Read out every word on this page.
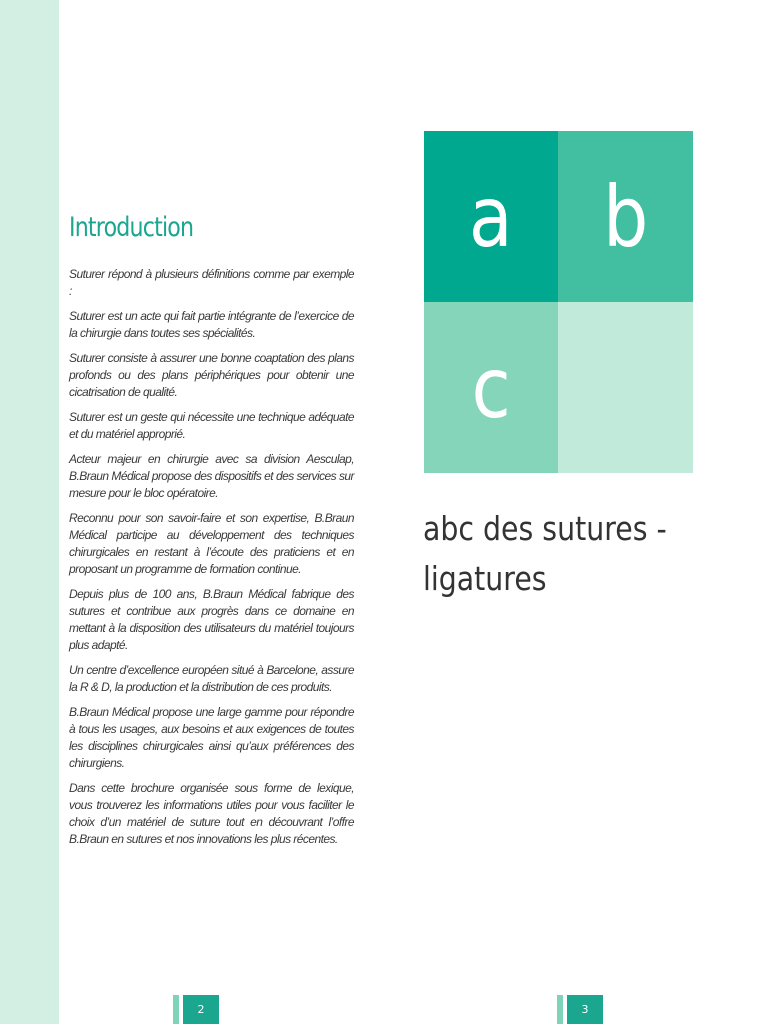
Introduction

Suturer répond à plusieurs définitions comme par exemple :

Suturer est un acte qui fait partie intégrante de l’exercice de la chirurgie dans toutes ses spécialités.

Suturer consiste à assurer une bonne coaptation des plans profonds ou des plans périphériques pour obtenir une cicatrisation de qualité.

Suturer est un geste qui nécessite une technique adéquate et du matériel approprié.

Acteur majeur en chirurgie avec sa division Aesculap, B.Braun Médical propose des dispositifs et des services sur mesure pour le bloc opératoire.

Reconnu pour son savoir-faire et son expertise, B.Braun Médical participe au développement des techniques chirurgicales en restant à l’écoute des praticiens et en proposant un programme de formation continue.

Depuis plus de 100 ans, B.Braun Médical fabrique des sutures et contribue aux progrès dans ce domaine en mettant à la disposition des utilisateurs du matériel toujours plus adapté.

Un centre d’excellence européen situé à Barcelone, assure la R & D, la production et la distribution de ces produits.

B.Braun Médical propose une large gamme pour répondre à tous les usages, aux besoins et aux exigences de toutes les disciplines chirurgicales ainsi qu’aux préférences des chirurgiens.

Dans cette brochure organisée sous forme de lexique, vous trouverez les informations utiles pour vous faciliter le choix d’un matériel de suture tout en découvrant l’offre B.Braun en sutures et nos innovations les plus récentes.

a b
c
abc des sutures - ligatures
2	3
